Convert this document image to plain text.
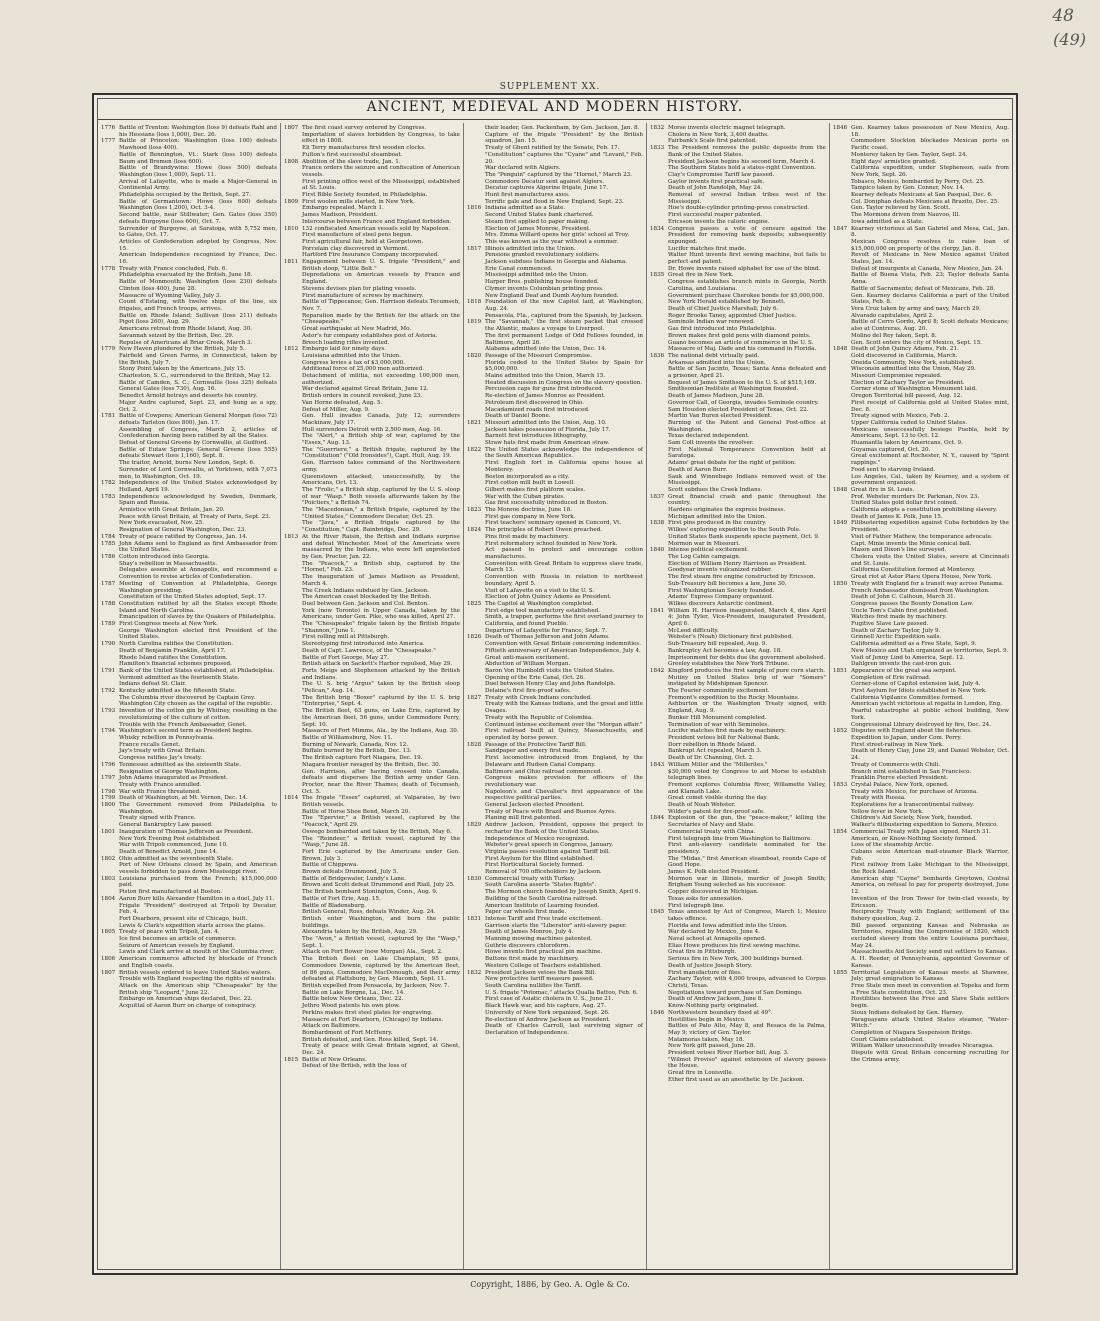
48
(49)
SUPPLEMENT XX.
ANCIENT, MEDIEVAL AND MODERN HISTORY.
1776 Battle of Trenton: Washington (loss 9) defeats Rahl and his Hessians (loss 1,000), Dec. 26.
1777 Battle of Princeton: Washington (loss 100) defeats Mawhood (loss 400).
Battle of Bennington, Vt.: Stark (loss 100) defeats Baum and Bremen (loss 600).
Battle of Brandywine: Howe (loss 500) defeats Washington (loss 1,000), Sept. 11.
Arrival of Lafayette, who is made a Major-General in Continental Army.
Philadelphia occupied by the British, Sept. 27.
Battle of Germantown: Howe (loss 600) defeats Washington (loss 1,200), Oct. 3-4.
Second battle, near Stillwater; Gen. Gates (loss 350) defeats Burgoyne (loss 600), Oct. 7.
Surrender of Burgoyne, at Saratoga, with 5,752 men, to Gates, Oct. 17.
Articles of Confederation adopted by Congress, Nov. 15.
American Independence recognized by France, Dec. 16.
1778 Treaty with France concluded, Feb. 6.
Philadelphia evacuated by the British, June 18.
Battle of Monmouth; Washington (loss 230) defeats Clinton (loss 400), June 28.
Massacre of Wyoming Valley, July 3.
Count d'Estaing, with twelve ships of the line, six frigates, and French troops, arrives.
Battle on Rhode Island; Sullivan (loss 211) defeats Pigot (loss 260), Aug. 29.
Americans retreat from Rhode Island, Aug. 30.
Savannah seized by the British, Dec. 29.
Repulse of Americans at Briar Creek, March 3.
1779 New Haven plundered by the British, July 5.
Fairfield and Green Farms, in Connecticut, taken by the British, July 7.
Stony Point taken by the Americans, July 15.
Charleston, S. C., surrendered to the British, May 12.
Battle of Camden, S. C.; Cornwallis (loss 325) defeats General Gates (loss 730), Aug. 16.
Benedict Arnold betrays and deserts his country.
Major Andre captured, Sept. 23, and hung as a spy, Oct. 2.
1781 Battle of Cowpens; American General Morgan (loss 72) defeats Tarleton (loss 800), Jan. 17.
Assembling of Congress, March 2, articles of Confederation having been ratified by all the States.
Defeat of General Greene by Cornwallis, at Guilford.
Battle of Eutaw Springs; General Greene (loss 555) defeats Stewart (loss 1,160), Sept. 8.
The traitor, Arnold, burns New London, Sept. 6.
Surrender of Lord Cornwallis, at Yorktown, with 7,073 men, to Washington, Oct. 19.
1782 Independence of the United States acknowledged by Holland, April 19.
1783 Independence acknowledged by Sweden, Denmark, Spain and Russia.
Armistice with Great Britain, Jan. 20.
Peace with Great Britain, at Treaty of Paris, Sept. 23.
New York evacuated, Nov. 25.
Resignation of General Washington, Dec. 23.
1784 Treaty of peace ratified by Congress, Jan. 14.
1785 John Adams sent to England as first Ambassador from the United States.
1786 Cotton introduced into Georgia.
Shay's rebellion in Massachusetts.
Delegates assemble at Annapolis, and recommend a Convention to revise articles of Confederation.
1787 Meeting of Convention at Philadelphia, George Washington presiding.
Constitution of the United States adopted, Sept. 17.
1788 Constitution ratified by all the States except Rhode Island and North Carolina.
Emancipation of slaves by the Quakers of Philadelphia.
1789 First Congress meets at New York.
George Washington elected first President of the United States.
1790 North Carolina ratifies the Constitution.
Death of Benjamin Franklin, April 17.
Rhode Island ratifies the Constitution.
Hamilton's financial schemes proposed.
1791 Bank of the United States established, at Philadelphia.
Vermont admitted as the fourteenth State.
Indians defeat St. Clair.
1792 Kentucky admitted as the fifteenth State.
The Columbia river discovered by Captain Grey.
Washington City chosen as the capital of the republic.
1793 Invention of the cotton gin by Whitney, resulting in the revolutionizing of the culture of cotton.
Trouble with the French Ambassador, Genet.
1794 Washington's second term as President begins.
Whisky rebellion in Pennsylvania.
France recalls Genet.
Jay's treaty with Great Britain.
Congress ratifies Jay's treaty.
1796 Tennessee admitted as the sixteenth State.
Resignation of George Washington.
1797 John Adams inaugurated as President.
Treaty with France annulled.
1798 War with France threatened.
1799 Death of Washington, at Mt. Vernon, Dec. 14.
1800 The Government removed from Philadelphia to Washington.
Treaty signed with France.
General Bankruptcy Law passed.
1801 Inauguration of Thomas Jefferson as President.
New York Evening Post established.
War with Tripoli commenced, June 10.
Death of Benedict Arnold, June 14.
1802 Ohio admitted as the seventeenth State.
Port of New Orleans closed by Spain, and American vessels forbidden to pass down Mississippi river.
1803 Louisiana purchased from the French; $15,000,000 paid.
Piston first manufactured at Boston.
1804 Aaron Burr kills Alexander Hamilton in a duel, July 11.
Frigate "President" destroyed at Tripoli by Decatur, Feb. 4.
Fort Dearborn, present site of Chicago, built.
Lewis & Clark's expedition starts across the plains.
1805 Treaty of peace with Tripoli, Jan. 4.
Ice first becomes an article of commerce.
Seizure of American vessels by England.
Lewis and Clark arrive at mouth of the Columbia river.
1806 American commerce affected by blockade of French and English coasts.
1807 British vessels ordered to leave United States waters.
Trouble with England respecting the rights of neutrals.
Attack on the American ship "Chesapeake" by the British ship "Leopard," June 22.
Embargo on American ships declared, Dec. 22.
Acquittal of Aaron Burr on charge of conspiracy.
1807 The first coast survey ordered by Congress.
Importation of slaves forbidden by Congress, to take effect in 1808.
Eli Terry manufactures first wooden clocks.
Fulton's first successful steamboat.
1808 Abolition of the slave trade, Jan. 1.
France orders the seizure and confiscation of American vessels.
First printing office west of the Mississippi, established at St. Louis.
First Bible Society founded, in Philadelphia.
1809 First woolen mills started, in New York.
Embargo repealed, March 1.
James Madison, President.
Intercourse between France and England forbidden.
1810 132 confiscated American vessels sold by Napoleon.
First manufacture of steel pens begun.
First agricultural fair, held at Georgetown.
Porcelain clay discovered in Vermont.
Hartford Fire Insurance Company incorporated.
1811 Engagement between U. S. frigate "President," and British sloop, "Little Belt."
Depredations on American vessels by France and England.
Stevens devises plan for plating vessels.
First manufacture of screws by machinery.
Battle of Tippecanoe; Gen. Harrison defeats Tecumseh, Nov. 7.
Reparation made by the British for the attack on the "Chesapeake."
Great earthquake at New Madrid, Mo.
Astor's fur company establishes post of Astoria.
Breech loading rifles invented.
1812 Embargo laid for ninety days.
Louisiana admitted into the Union.
Congress levies a tax of $3,000,000.
Additional force of 25,000 men authorized.
Detachment of militia, not exceeding 100,000 men, authorized.
War declared against Great Britain, June 12.
British orders in council revoked, June 23.
Van Horne defeated, Aug. 5.
Defeat of Miller, Aug. 9.
Gen. Hull invades Canada, July 12; surrenders Mackinaw, July 17.
Hull surrenders Detroit with 2,500 men, Aug. 16.
The "Alert," a British ship of war, captured by the "Essex," Aug. 13.
The "Guerriere," a British frigate, captured by the "Constitution" ("Old Ironsides"), Capt. Hull, Aug. 19.
Gen. Harrison takes command of the Northwestern army.
Queenstown attacked, unsuccessfully, by the Americans, Oct. 13.
The "Frolic," a British ship, captured by the U. S. sloop of war "Wasp." Both vessels afterwards taken by the "Poictiers," a British 74.
The "Macedonian," a British frigate, captured by the "United States," Commodore Decatur, Oct. 25.
The "Java," a British frigate captured by the "Constitution," Capt. Bainbridge, Dec. 29.
1813 At the River Raisin, the British and Indians surprise and defeat Winchester. Most of the Americans were massacred by the Indians, who were left unprotected by Gen. Proctor, Jan. 22.
The "Peacock," a British ship, captured by the "Hornet," Feb. 23.
The inauguration of James Madison as President, March 4.
The Creek Indians subdued by Gen. Jackson.
The American coast blockaded by the British.
Duel between Gen. Jackson and Col. Benton.
York (now Toronto) in Upper Canada, taken by the Americans, under Gen. Pike, who was killed, April 27.
The "Chesapeake" frigate taken by the British frigate "Shannon," June 1.
First rolling mill at Pittsburgh.
Stereotyping first introduced into America.
Death of Capt. Lawrence, of the "Chesapeake."
Battle of Fort George, May 27.
British attack on Sackett's Harbor repulsed, May 29.
Forts Meigs and Stephenson attacked by the British and Indians.
The U. S. brig "Argus" taken by the British sloop "Pelican," Aug. 14.
The British brig "Boxer" captured by the U. S. brig "Enterprise," Sept. 4.
The British fleet, 63 guns, on Lake Erie, captured by the American fleet, 56 guns, under Commodore Perry, Sept. 10.
Massacre of Fort Mimms, Ala., by the Indians, Aug. 30.
Battle of Williamsburg, Nov. 11.
Burning of Newark, Canada, Nov. 12.
Buffalo burned by the British, Dec. 13.
The British capture Fort Niagara, Dec. 19.
Niagara frontier ravaged by the British, Dec. 30.
Gen. Harrison, after having crossed into Canada, defeats and disperses the British army under Gen. Proctor, near the River Thames; death of Tecumseh, Oct. 5.
1814 The frigate "Essex" captured, at Valparaiso, by two British vessels.
Battle of Horse Shoe Bend, March 20.
The "Epervier," a British vessel, captured by the "Peacock," April 29.
Oswego bombarded and taken by the British, May 6.
The "Reindeer," a British vessel, captured by the "Wasp," June 28.
Fort Erie captured by the Americans under Gen. Brown, July 3.
Battle of Chippewa.
Brown defeats Drummond, July 5.
Battle of Bridgewater, Lundy's Lane.
Brown and Scott defeat Drummond and Riall, July 25.
The British bombard Stonington, Conn., Aug. 9.
Battle of Fort Erie, Aug. 15.
Battle of Bladensburg.
British General, Ross, defeats Winder, Aug. 24.
British enter Washington, and burn the public buildings.
Alexandria taken by the British, Aug. 29.
The "Avon," a British vessel, captured by the "Wasp," Sept. 1.
Attack on Fort Bower (now Morgan) Ala., Sept. 2.
The British fleet on Lake Champlain, 95 guns, Commodore Downie, captured by the American fleet, of 86 guns, Commodore MacDonough, and their army defeated at Plattsburg, by Gen. Macomb, Sept. 11.
British expelled from Pensacola, by Jackson, Nov. 7.
Battle on Lake Borgne, La., Dec. 14.
Battle below New Orleans, Dec. 22.
Jethro Wood patents his own plow.
Perkins makes first steel plates for engraving.
Massacre at Fort Dearborn, (Chicago) by Indians.
Attack on Baltimore.
Bombardment of Fort McHenry.
British defeated, and Gen. Ross killed, Sept. 14.
Treaty of peace with Great Britain signed, at Ghent, Dec. 24.
1815 Battle of New Orleans.
Defeat of the British, with the loss of
their leader, Gen. Packenham, by Gen. Jackson, Jan. 8.
Capture of the frigate "President" by the British squadron, Jan. 15.
Treaty of Ghent ratified by the Senate, Feb. 17.
"Constitution" captures the "Cyane" and "Levant," Feb. 20.
War declared with Algiers.
The "Penguin" captured by the "Hornet," March 23.
Commodore Decatur sent against Algiers.
Decatur captures Algerine frigate, June 17.
Hunt first manufactures axes.
Terrific gale and flood in New England, Sept. 23.
1816 Indiana admitted as a State.
Second United States bank chartered.
Steam first applied to paper making.
Election of James Monroe, President.
Mrs. Emma Willard opens her girls' school at Troy.
This was known as the year without a summer.
1817 Illinois admitted into the Union.
Pensions granted revolutionary soldiers.
Jackson subdues Indians in Georgia and Alabama.
Erie Canal commenced.
Mississippi admitted into the Union.
Harper Bros. publishing house founded.
Clymer invents Columbian printing press.
New England Deaf and Dumb Asylum founded.
1818 Foundation of the new Capitol laid, at Washington, Aug. 24.
Pensacola, Fla., captured from the Spanish, by Jackson.
1819 The "Savannah," the first steam packet that crossed the Atlantic, makes a voyage to Liverpool.
The first permanent Lodge of Odd Fellows founded, in Baltimore, April 26.
Alabama admitted into the Union, Dec. 14.
1820 Passage of the Missouri Compromise.
Florida ceded to the United States by Spain for $5,000,000.
Maine admitted into the Union, March 15.
Heated discussion in Congress on the slavery question.
Percussion caps for guns first introduced.
Re-election of James Monroe as President.
Petroleum first discovered in Ohio.
Macadamized roads first introduced.
Death of Daniel Boone.
1821 Missouri admitted into the Union, Aug. 10.
Jackson takes possession of Florida, July 17.
Barnett first introduces lithography.
Straw hats first made from American straw.
1822 The United States acknowledge the independence of the South American Republics.
First English fort in California opens house at Monterey.
Boston incorporated as a city.
First cotton mill built in Lowell.
Gilbert makes first platform scales.
War with the Cuban pirates.
Gas first successfully introduced in Boston.
1823 The Monroe doctrine, June 18.
First gas company in New York.
First teachers' seminary opened in Concord, Vt.
1824 The principles of Robert Owen preached.
Pins first made by machinery.
First reformatory school founded in New York.
Act passed to protect and encourage cotton manufactures.
Convention with Great Britain to suppress slave trade, March 13.
Convention with Russia in relation to northwest boundary, April 5.
Visit of Lafayette on a visit to the U. S.
Election of John Quincy Adams as President.
1825 The Capitol at Washington completed.
First edge tool manufactory established.
Smith, a trapper, performs the first overland journey to California, and found Pueblo.
Departure of Lafayette for France, Sept. 7.
1826 Death of Thomas Jefferson and John Adams.
Convention with Great Britain concerning indemnities.
Fiftieth anniversary of American Independence, July 4.
Great anti-mason excitement.
Abduction of William Morgan.
Baron Von Humboldt visits the United States.
Opening of the Erie Canal, Oct. 26.
Duel between Henry Clay and John Randolph.
Delaine's first fire-proof safes.
1827 Treaty with Creek Indians concluded.
Treaty with the Kansas Indians, and the great and little Osages.
Treaty with the Republic of Colombia.
Continued intense excitement over the "Morgan affair."
First railroad built at Quincy, Massachusetts, and operated by horse power.
1828 Passage of the Protective Tariff Bill.
Sandpaper and emery first made.
First locomotive introduced from England, by the Delaware and Hudson Canal Company.
Baltimore and Ohio railroad commenced.
Congress makes provision for officers of the revolutionary war.
Napoleon's and Chevalier's first appearance of the respective political parties.
General Jackson elected President.
Treaty of Peace with Brazil and Buenos Ayres.
Planing mill first patented.
1829 Andrew Jackson, President, opposes the project to recharter the Bank of the United States.
Independence of Mexico recognized.
Webster's great speech in Congress, January.
Virginia passes resolution against Tariff bill.
First Asylum for the Blind established.
First Horticultural Society formed.
Removal of 700 officeholders by Jackson.
1830 Commercial treaty with Turkey.
South Carolina asserts "States Rights".
The Mormon church founded by Joseph Smith, April 6.
Building of the South Carolina railroad.
American Institute of Learning founded.
Paper car wheels first made.
1831 Intense Tariff and Free trade excitement.
Garrison starts the "Liberator" anti-slavery paper.
Death of James Monroe, July 4.
Manning mowing machines patented.
Guthrie discovers chloroform.
Howe invents first practical pin machine.
Buttons first made by machinery.
Western College of Teachers established.
1832 President Jackson vetoes the Bank Bill.
New protective tariff measure passed.
South Carolina nullifies the Tariff.
U. S. frigate "Potomac," attacks Qualla Battoo, Feb. 6.
First case of Asiatic cholera in U. S., June 21.
Black Hawk war, and his capture, Aug. 27.
University of New York organized, Sept. 26.
Re-election of Andrew Jackson as President.
Death of Charles Carroll, last surviving signer of Declaration of Independence.
1832 Morse invents electric magnet telegraph.
Cholera in New York, 3,400 deaths.
Fairbank's Scale first patented.
1833 The President removes the public deposits from the Bank of the United States.
President Jackson begins his second term, March 4.
The Southern States hold a states-right Convention.
Clay's Compromise Tariff law passed.
Gaylor invents first practical safe.
Death of John Randolph, May 24.
Removal of several Indian tribes west of the Mississippi.
Hoe's double-cylinder printing-press constructed.
First successful reaper patented.
Ericsson invents the caloric engine.
1834 Congress passes a vote of censure against the President for removing bank deposits; subsequently expunged.
Lucifer matches first made.
Walter Hunt invents first sewing machine, but fails to perfect and patent.
Dr. Howe invents raised alphabet for use of the blind.
1835 Great fire in New York.
Congress establishes branch mints in Georgia, North Carolina, and Louisiana.
Government purchase Cherokee bonds for $5,000,000.
New York Herald established by Bennett.
Death of Chief Justice Marshall, July 6.
Roger Brooke Taney, appointed Chief Justice.
Seminole Indian war renewed.
Gas first introduced into Philadelphia.
Brown makes first gold pens with diamond points.
Guano becomes an article of commerce in the U. S.
Massacre of Maj. Dade and his command in Florida.
1836 The national debt virtually paid.
Arkansas admitted into the Union.
Battle of San Jacinto, Texas; Santa Anna defeated and a prisoner, April 21.
Bequest of James Smithson to the U. S. of $515,169.
Smithsonian Institute at Washington founded.
Death of James Madison, June 28.
Governor Call, of Georgia, invades Seminole country.
Sam Houston elected President of Texas, Oct. 22.
Martin Van Buren elected President.
Burning of the Patent and General Post-office at Washington.
Texas declared independent.
Sam Colt invents the revolver.
First National Temperance Convention held at Saratoga.
Adams' great debate for the right of petition.
Death of Aaron Burr.
Sauk and Winnebago Indians removed west of the Mississippi.
Scott subdues the Creek Indians.
1837 Great financial crash and panic throughout the country.
Hardens originates the express business.
Michigan admitted into the Union.
1838 First pins produced in the country.
Wilkes' exploring expedition to the South Pole.
United States Bank suspends specie payment, Oct. 9.
Mormon war in Missouri.
1840 Intense political excitement.
The Log Cabin campaign.
Election of William Henry Harrison as President.
Goodyear invents vulcanized rubber.
The first steam fire engine constructed by Ericsson.
Sub-Treasury bill becomes a law, June 30.
First Washingtonian Society founded.
Adams' Express Company organized.
Wilkes discovers Antarctic continent.
1841 William H. Harrison inaugurated, March 4, dies April 4; John Tyler, Vice-President, inaugurated President, April 6.
McLeod difficulty.
Webster's (Noah) Dictionary first published.
Sub-Treasury bill repealed, Aug. 9.
Bankruptcy Act becomes a law, Aug. 18.
Imprisonment for debts due the government abolished.
Greeley establishes the New York Tribune.
1842 Kingford produces the first sample of pure corn starch.
Mutiny on United States brig of war "Somers" instigated by Midshipman Spencer.
The Fourier community excitement.
Fremont's expedition to the Rocky Mountains.
Ashburton or the Washington Treaty signed, with England, Aug. 9.
Bunker Hill Monument completed.
Termination of war with Seminoles.
Lucifer matches first made by machinery.
President vetoes bill for National Bank.
Dorr rebellion in Rhode Island.
Bankrupt Act repealed, March 3.
Death of Dr. Channing, Oct. 2.
1843 William Miller and the "Millerites."
$30,000 voted by Congress to aid Morse to establish telegraph lines.
Fremont explores Columbia River, Willamette Valley, and Klamath Lake.
Great comet visible during the day.
Death of Noah Webster.
Wilder's patent for fire-proof safe.
1844 Explosion of the gun, the "peace-maker," killing the Secretaries of Navy and State.
Commercial treaty with China.
First telegraph line from Washington to Baltimore.
First anti-slavery candidate nominated for the presidency.
The "Midas," first American steamboat, rounds Cape of Good Hope.
James K. Polk elected President.
Mormon war in Illinois, murder of Joseph Smith; Brigham Young selected as his successor.
Copper discovered in Michigan.
Texas asks for annexation.
First telegraph line.
1845 Texas annexed by Act of Congress, March 1; Mexico takes offence.
Florida and Iowa admitted into the Union.
War declared by Mexico, June 4.
Naval school at Annapolis opened.
Elias Howe produces his first sewing machine.
Great fire in Pittsburgh.
Serious fire in New York, 300 buildings burned.
Death of Justice Joseph Story.
First manufacture of files.
Zachary Taylor, with 4,000 troops, advanced to Corpus Christi, Texas.
Negotiations toward purchase of San Domingo.
Death of Andrew Jackson, June 8.
Know-Nothing party originated.
1846 Northwestern boundary fixed at 49°.
Hostilities begin in Mexico.
Battles of Palo Alto, May 8, and Resaca de la Palma, May 9; victory of Gen. Taylor.
Matamoras taken, May 18.
New York gift passed, June 28.
President vetoes River Harbor bill, Aug. 3.
"Wilmot Proviso" against extension of slavery passes the House.
Great fire in Louisville.
Ether first used as an anesthetic by Dr. Jackson.
1846 Gen. Kearney takes possession of New Mexico, Aug. 18.
Commodore Stockton blockades Mexican ports on Pacific coast.
Monterey taken by Gen. Taylor, Sept. 24.
Eight days' armistice granted.
California expedition, under Stephenson, sails from New York, Sept. 26.
Tobasco, Mexico, bombarded by Perry, Oct. 25.
Tampico taken by Gen. Conner, Nov. 14.
Kearney defeats Mexicans at San Pasqual, Dec. 6.
Col. Doniphan defeats Mexicans at Brazito, Dec. 25.
Gen. Taylor relieved by Gen. Scott.
The Mormons driven from Nauvoo, Ill.
Iowa admitted as a State.
1847 Kearney victorious at San Gabriel and Mesa, Cal., Jan. 8.
Mexican Congress resolves to raise loan of $15,000,000 on property of the clergy, Jan. 8.
Revolt of Mexicans in New Mexico against United States, Jan. 14.
Defeat of insurgents at Canada, New Mexico, Jan. 24.
Battle of Buena Vista, Feb. 23; Taylor defeats Santa Anna.
Battle of Sacramento; defeat of Mexicans, Feb. 28.
Gen. Kearney declares California a part of the United States, Feb. 8.
Vera Cruz taken by army and navy, March 29.
Alvarado capitulates, April 2.
Battle of Cerro Gordo, April 8; Scott defeats Mexicans; also at Contreras, Aug. 20.
Molino del Rey taken, Sept. 8.
Gen. Scott enters the city of Mexico, Sept. 15.
1848 Death of John Quincy Adams, Feb. 21.
Gold discovered in California, March.
Oneida Community, New York, established.
Wisconsin admitted into the Union, May 29.
Missouri Compromise repealed.
Election of Zachary Taylor as President.
Corner stone of Washington Monument laid.
Oregon Territorial bill passed, Aug. 12.
First receipt of California gold at United States mint, Dec. 8.
Treaty signed with Mexico, Feb. 2.
Upper California ceded to United States.
Mexicans unsuccessfully besiege Puebla, held by Americans, Sept. 13 to Oct. 12.
Huamantla taken by Americans, Oct. 9.
Guyamas captured, Oct. 20.
Great excitement at Rochester, N. Y., caused by "Spirit rappings."
Food sent to starving Ireland.
Los Angeles, Cal., taken by Kearney, and a system of government organized.
1848 Great fire in St. Louis.
Prof. Webster murders Dr. Parkman, Nov. 23.
United States gold dollar first coined.
California adopts a constitution prohibiting slavery.
Death of James K. Polk, June 15.
1849 Filibustering expedition against Cuba forbidden by the President.
Visit of Father Mathew, the temperance advocate.
Capt. Minie invents the Minie conical ball.
Mason and Dixon's line surveyed.
Cholera visits the United States, severe at Cincinnati and St. Louis.
California Constitution formed at Monterey.
Great riot at Astor Place Opera House, New York.
1850 Treaty with England for a transit way across Panama.
French Ambassador dismissed from Washington.
Death of John C. Calhoun, March 31.
Congress passes the Bounty Donation Law.
Uncle Tom's Cabin first published.
Watches first made by machinery.
Fugitive Slave Law passed.
Death of Zachary Taylor, July 9.
Grinnell Arctic Expedition sails.
California admitted as a Free State, Sept. 9.
New Mexico and Utah organized as territories, Sept. 9.
Visit of Jenny Lind to America, Sept. 12.
Dahlgren invents the cast-iron gun.
1851 Appearance of the great sea serpent.
Completion of Erie railroad.
Corner-stone of Capitol extension laid, July 4.
First Asylum for Idiots established in New York.
California Vigilance Committee formed.
American yacht victorious at regatta in London, Eng.
Fearful catastrophe at public school building, New York.
Congressional Library destroyed by fire, Dec. 24.
1852 Disputes with England about the fisheries.
Expedition to Japan, under Com. Perry.
First street-railway in New York.
Death of Henry Clay, June 29, and Daniel Webster, Oct. 24.
Treaty of Commerce with Chili.
Branch mint established in San Francisco.
Franklin Pierce elected President.
1853 Crystal Palace, New York, opened.
Treaty with Mexico, for purchase of Arizona.
Treaty with Russia.
Explorations for a transcontinental railway.
Yellow fever in New York.
Children's Aid Society, New York, founded.
Walker's filibustering expedition to Sonora, Mexico.
1854 Commercial Treaty with Japan signed, March 31.
American, or Know-Nothing Society formed.
Loss of the steamship Arctic.
Cubans seize American mail-steamer Black Warrior, Feb.
First railway from Lake Michigan to the Mississippi, the Rock Island.
American ship "Cayne" bombards Greytown, Central America, on refusal to pay for property destroyed, June 12.
Invention of the Iron Tower for twin-clad vessels, by Ericsson.
Reciprocity Treaty with England; settlement of the fishery question, Aug. 2.
Bill passed organizing Kansas and Nebraska as Territories, repealing the Compromise of 1820, which excluded slavery from the entire Louisiana purchase, May 24.
Massachusetts Aid Society send out settlers to Kansas.
A. H. Reeder, of Pennsylvania, appointed Governor of Kansas.
1855 Territorial Legislature of Kansas meets at Shawnee, July; great emigration to Kansas.
Free State men meet in convention at Topeka and form a Free State constitution, Oct. 23.
Hostilities between the Free and Slave State settlers begin.
Sioux Indians defeated by Gen. Harney.
Paraguayans attack United States steamer, "Water-Witch."
Completion of Niagara Suspension Bridge.
Court Claims established.
William Walker unsuccessfully invades Nicaragua.
Dispute with Great Britain concerning recruiting for the Crimea army.
Copyright, 1886, by Geo. A. Ogle & Co.
